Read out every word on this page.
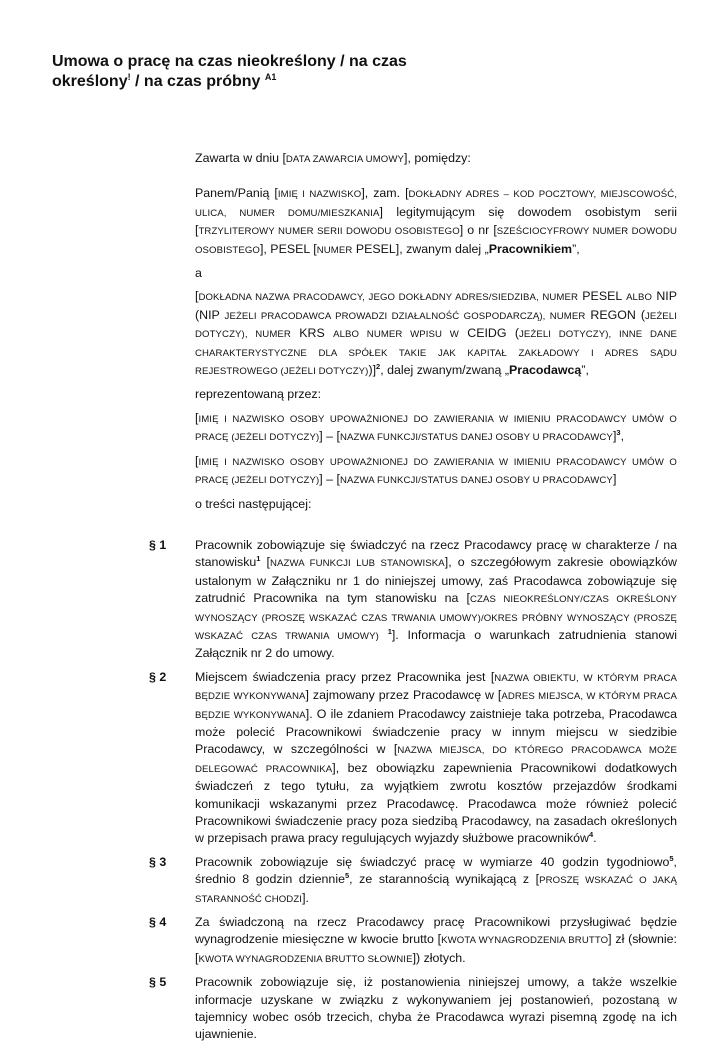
Umowa o pracę na czas nieokreślony / na czas
określony! / na czas próbny $^{A1}$

Zawarta w dniu [DATA ZAWARCIA UMOWY], pomiędzy:

Panem/Panią [IMIĘ I NAZWISKO], zam. [DOKŁADNY ADRES – KOD POCZTOWY, MIEJSCOWOŚĆ, ULICA, NUMER DOMU/MIESZKANIA] legitymującym się dowodem osobistym serii [TRZYLITEROWY NUMER SERII DOWODU OSOBISTEGO] o nr [SZEŚCIOCYFROWY NUMER DOWODU OSOBISTEGO], PESEL [NUMER PESEL], zwanym dalej „Pracownikiem”,

a

[DOKŁADNA NAZWA PRACODAWCY, JEGO DOKŁADNY ADRES/SIEDZIBA, NUMER PESEL ALBO NIP (NIP JEŻELI PRACODAWCA PROWADZI DZIAŁALNOŚĆ GOSPODARCZĄ), NUMER REGON (JEŻELI DOTYCZY), NUMER KRS ALBO NUMER WPISU W CEIDG (JEŻELI DOTYCZY), INNE DANE CHARAKTERYSTYCZNE DLA SPÓŁEK TAKIE JAK KAPITAŁ ZAKŁADOWY I ADRES SĄDU REJESTROWEGO (JEŻELI DOTYCZY))]$^2$, dalej zwanym/zwaną „Pracodawcą”,

reprezentowaną przez:

[IMIĘ I NAZWISKO OSOBY UPOWAŻNIONEJ DO ZAWIERANIA W IMIENIU PRACODAWCY UMÓW O PRACĘ (JEŻELI DOTYCZY)] – [NAZWA FUNKCJI/STATUS DANEJ OSOBY U PRACODAWCY]$^3$,

[IMIĘ I NAZWISKO OSOBY UPOWAŻNIONEJ DO ZAWIERANIA W IMIENIU PRACODAWCY UMÓW O PRACĘ (JEŻELI DOTYCZY)] – [NAZWA FUNKCJI/STATUS DANEJ OSOBY U PRACODAWCY]

o treści następującej:

§ 1	Pracownik zobowiązuje się świadczyć na rzecz Pracodawcy pracę w charakterze / na stanowisku$^1$ [NAZWA FUNKCJI LUB STANOWISKA], o szczegółowym zakresie obowiązków ustalonym w Załączniku nr 1 do niniejszej umowy, zaś Pracodawca zobowiązuje się zatrudnić Pracownika na tym stanowisku na [CZAS NIEOKREŚLONY/CZAS OKREŚLONY WYNOSZĄCY (PROSZĘ WSKAZAĆ CZAS TRWANIA UMOWY)/OKRES PRÓBNY WYNOSZĄCY (PROSZĘ WSKAZAĆ CZAS TRWANIA UMOWY) $^1$]. Informacja o warunkach zatrudnienia stanowi Załącznik nr 2 do umowy.
§ 2	Miejscem świadczenia pracy przez Pracownika jest [NAZWA OBIEKTU, W KTÓRYM PRACA BĘDZIE WYKONYWANA] zajmowany przez Pracodawcę w [ADRES MIEJSCA, W KTÓRYM PRACA BĘDZIE WYKONYWANA]. O ile zdaniem Pracodawcy zaistnieje taka potrzeba, Pracodawca może polecić Pracownikowi świadczenie pracy w innym miejscu w siedzibie Pracodawcy, w szczególności w [NAZWA MIEJSCA, DO KTÓREGO PRACODAWCA MOŻE DELEGOWAĆ PRACOWNIKA], bez obowiązku zapewnienia Pracownikowi dodatkowych świadczeń z tego tytułu, za wyjątkiem zwrotu kosztów przejazdów środkami komunikacji wskazanymi przez Pracodawcę. Pracodawca może również polecić Pracownikowi świadczenie pracy poza siedzibą Pracodawcy, na zasadach określonych w przepisach prawa pracy regulujących wyjazdy służbowe pracowników$^4$.
§ 3	Pracownik zobowiązuje się świadczyć pracę w wymiarze 40 godzin tygodniowo$^5$, średnio 8 godzin dziennie$^5$, ze starannością wynikającą z [PROSZĘ WSKAZAĆ O JAKĄ STARANNOŚĆ CHODZI].
§ 4	Za świadczoną na rzecz Pracodawcy pracę Pracownikowi przysługiwać będzie wynagrodzenie miesięczne w kwocie brutto [KWOTA WYNAGRODZENIA BRUTTO] zł (słownie: [KWOTA WYNAGRODZENIA BRUTTO SŁOWNIE]) złotych.
§ 5	Pracownik zobowiązuje się, iż postanowienia niniejszej umowy, a także wszelkie informacje uzyskane w związku z wykonywaniem jej postanowień, pozostaną w tajemnicy wobec osób trzecich, chyba że Pracodawca wyrazi pisemną zgodę na ich ujawnienie.
